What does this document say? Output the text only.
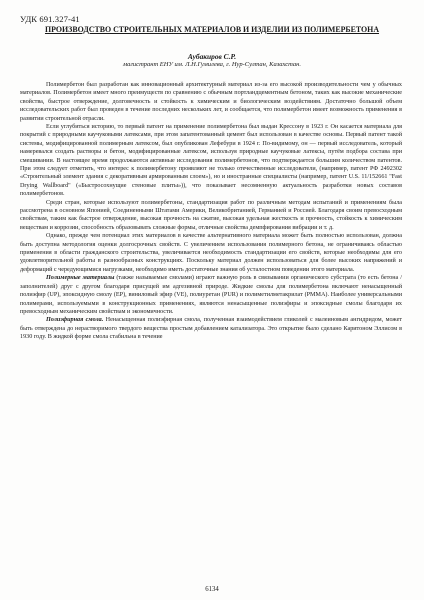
УДК 691.327-41
ПРОИЗВОДСТВО СТРОИТЕЛЬНЫХ МАТЕРИАЛОВ И ИЗДЕЛИИ ИЗ ПОЛИМЕРБЕТОНА
Аубакиров С.Р.
магистрант ЕНУ им. Л.Н.Гумилева, г. Нур-Султан, Казахстан.

Полимербетон был разработан как инновационный архитектурный материал из-за его высокой производительности чем у обычных материалов. Полимербетон имеет много преимуществ по сравнению с обычным портландцементным бетоном, таких как высокие механические свойства, быстрое отверждение, долговечность и стойкость к химическим и биологическим воздействиям. Достаточно большой объем исследовательских работ был проведен в течение последних нескольких лет, и сообщается, что полимербетон имеет возможность применения в развитии строительной отрасли.

Если углубиться историю, то первый патент на применение полимербетона был выдан Крессону в 1923 г. Он касается материала для покрытий с природными каучуковыми латексами, при этом запатентованный цемент был использован в качестве основы. Первый патент такой системы, модифицированной полимерным латексом, был опубликован Лефебури в 1924 г. По-видимому, он — первый исследователь, который намеревался создать растворы и бетон, модифицированные латексом, используя природные каучуковые латексы, путём подбора состава при смешивании. В настоящее время продолжаются активные исследования полимербетонов, что подтверждается большим количеством патентов. При этом следует отметить, что интерес к полимербетону проявляют не только отечественные исследователи, (например, патент РФ 2492302 «Строительный элемент здания с декоративным армированным слоем»), но и иностранные специалисты (например, патент U.S. 11/152661 "Fast Drying Wallboard" («Быстросохнущие стеновые плиты»)), что показывает несомненную актуальность разработки новых составов полимербетонов.

Среди стран, которые используют полимербетоны, стандартизация работ по различным методам испытаний и применениям была рассмотрена в основном Японией, Соединенными Штатами Америки, Великобританией, Германией и Россией. Благодаря своим превосходным свойствам, таким как быстрое отверждение, высокая прочность на сжатие, высокая удельная жесткость и прочность, стойкость к химическим веществам и коррозии, способность образовывать сложные формы, отличные свойства демпфирования вибрации и т. д.

Однако, прежде чем потенциал этих материалов в качестве альтернативного материала может быть полностью использован, должна быть доступна методология оценки долгосрочных свойств. С увеличением использования полимерного бетона, не ограничиваясь областью применения в области гражданского строительства, увеличивается необходимость стандартизации его свойств, которые необходимы для его удовлетворительной работы в разнообразных конструкциях. Поскольку материал должен использоваться для более высоких напряжений и деформаций с чередующимися нагрузками, необходимо иметь достаточные знания об усталостном поведении этого материала.

Полимерные материалы (также называемые смолами) играют важную роль в связывании органического субстрата (то есть бетона / заполнителей) друг с другом благодаря присущей им адгезивной природе. Жидкие смолы для полимербетона включают ненасыщенный полиэфир (UP), эпоксидную смолу (EP), виниловый эфир (VE), полиуретан (PUR) и полиметилметакрилат (PMMA). Наиболее универсальными полимерами, используемыми в конструкционных применениях, являются ненасыщенные полиэфиры и эпоксидные смолы благодаря их превосходным механическим свойствам и экономичности.

Полиэфирная смола. Ненасыщенная полиэфирная смола, полученная взаимодействием гликолей с малеиновым ангидридом, может быть отверждена до нерастворимого твердого вещества простым добавлением катализатора. Это открытие было сделано Каритоном Эллисом в 1930 году. В жидкой форме смола стабильна в течение

6134
